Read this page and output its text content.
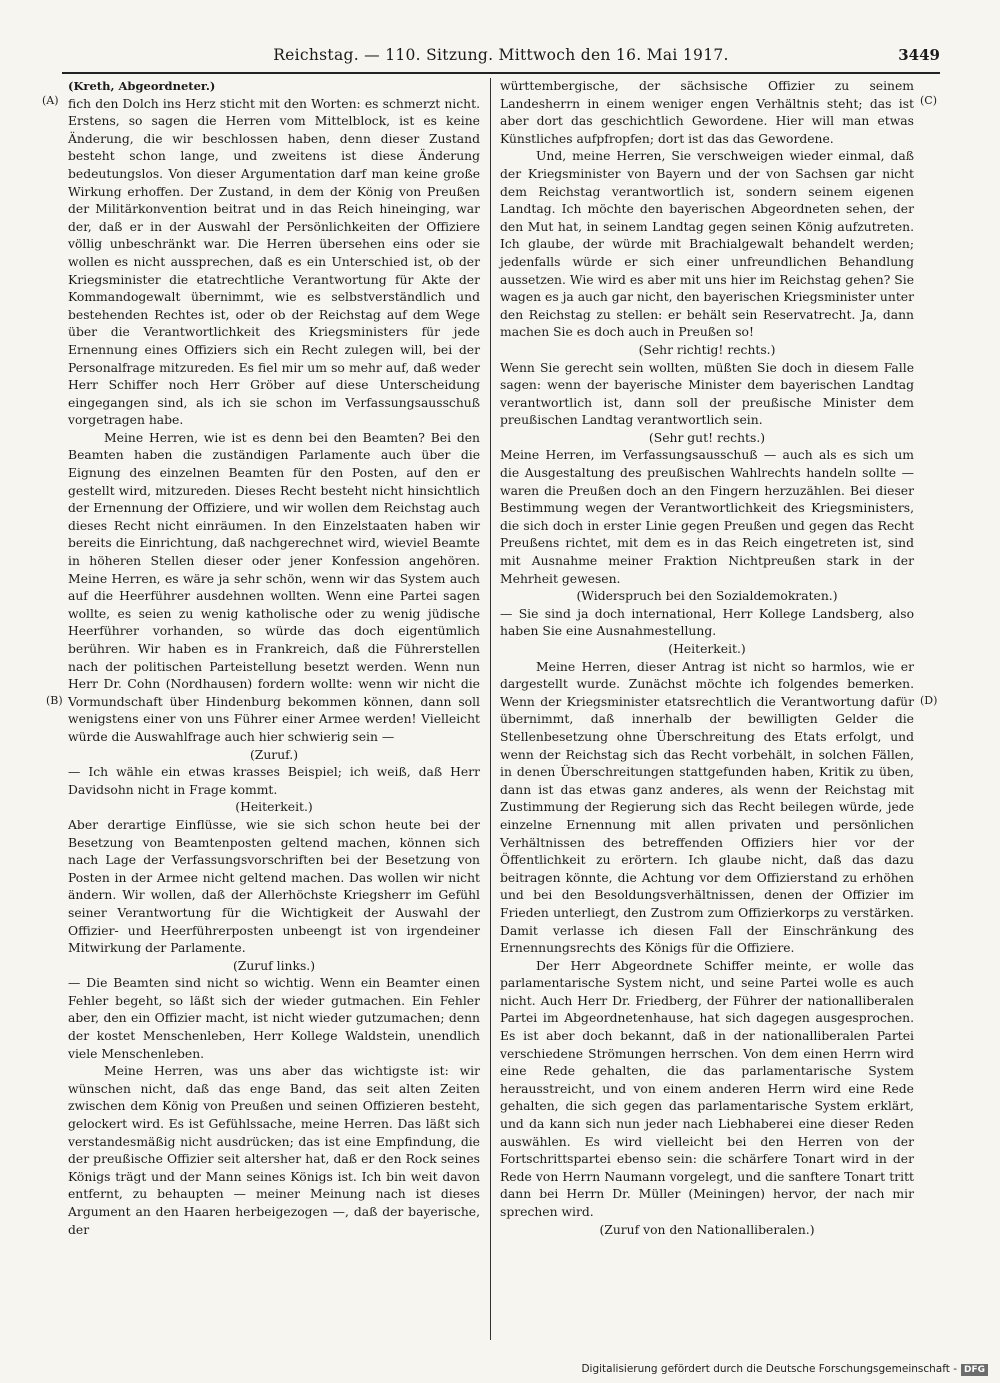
Reichstag. — 110. Sitzung. Mittwoch den 16. Mai 1917.	3449
(A)
(B)
(C)
(D)

(Kreth, Abgeordneter.)

fich den Dolch ins Herz sticht mit den Worten: es schmerzt nicht. Erstens, so sagen die Herren vom Mittelblock, ist es keine Änderung, die wir beschlossen haben, denn dieser Zustand besteht schon lange, und zweitens ist diese Änderung bedeutungslos. Von dieser Argumentation darf man keine große Wirkung erhoffen. Der Zustand, in dem der König von Preußen der Militärkonvention beitrat und in das Reich hineinging, war der, daß er in der Auswahl der Persönlichkeiten der Offiziere völlig unbeschränkt war. Die Herren übersehen eins oder sie wollen es nicht aussprechen, daß es ein Unterschied ist, ob der Kriegsminister die etatrechtliche Verantwortung für Akte der Kommandogewalt übernimmt, wie es selbstverständlich und bestehenden Rechtes ist, oder ob der Reichstag auf dem Wege über die Verantwortlichkeit des Kriegsministers für jede Ernennung eines Offiziers sich ein Recht zulegen will, bei der Personalfrage mitzureden. Es fiel mir um so mehr auf, daß weder Herr Schiffer noch Herr Gröber auf diese Unterscheidung eingegangen sind, als ich sie schon im Verfassungsausschuß vorgetragen habe.

Meine Herren, wie ist es denn bei den Beamten? Bei den Beamten haben die zuständigen Parlamente auch über die Eignung des einzelnen Beamten für den Posten, auf den er gestellt wird, mitzureden. Dieses Recht besteht nicht hinsichtlich der Ernennung der Offiziere, und wir wollen dem Reichstag auch dieses Recht nicht einräumen. In den Einzelstaaten haben wir bereits die Einrichtung, daß nachgerechnet wird, wieviel Beamte in höheren Stellen dieser oder jener Konfession angehören. Meine Herren, es wäre ja sehr schön, wenn wir das System auch auf die Heerführer ausdehnen wollten. Wenn eine Partei sagen wollte, es seien zu wenig katholische oder zu wenig jüdische Heerführer vorhanden, so würde das doch eigentümlich berühren. Wir haben es in Frankreich, daß die Führerstellen nach der politischen Parteistellung besetzt werden. Wenn nun Herr Dr. Cohn (Nordhausen) fordern wollte: wenn wir nicht die Vormundschaft über Hindenburg bekommen können, dann soll wenigstens einer von uns Führer einer Armee werden! Vielleicht würde die Auswahlfrage auch hier schwierig sein —

(Zuruf.)

— Ich wähle ein etwas krasses Beispiel; ich weiß, daß Herr Davidsohn nicht in Frage kommt.

(Heiterkeit.)

Aber derartige Einflüsse, wie sie sich schon heute bei der Besetzung von Beamtenposten geltend machen, können sich nach Lage der Verfassungsvorschriften bei der Besetzung von Posten in der Armee nicht geltend machen. Das wollen wir nicht ändern. Wir wollen, daß der Allerhöchste Kriegsherr im Gefühl seiner Verantwortung für die Wichtigkeit der Auswahl der Offizier- und Heerführerposten unbeengt ist von irgendeiner Mitwirkung der Parlamente.

(Zuruf links.)

— Die Beamten sind nicht so wichtig. Wenn ein Beamter einen Fehler begeht, so läßt sich der wieder gutmachen. Ein Fehler aber, den ein Offizier macht, ist nicht wieder gutzumachen; denn der kostet Menschenleben, Herr Kollege Waldstein, unendlich viele Menschenleben.

Meine Herren, was uns aber das wichtigste ist: wir wünschen nicht, daß das enge Band, das seit alten Zeiten zwischen dem König von Preußen und seinen Offizieren besteht, gelockert wird. Es ist Gefühlssache, meine Herren. Das läßt sich verstandesmäßig nicht ausdrücken; das ist eine Empfindung, die der preußische Offizier seit altersher hat, daß er den Rock seines Königs trägt und der Mann seines Königs ist. Ich bin weit davon entfernt, zu behaupten — meiner Meinung nach ist dieses Argument an den Haaren herbeigezogen —, daß der bayerische, der

württembergische, der sächsische Offizier zu seinem Landesherrn in einem weniger engen Verhältnis steht; das ist aber dort das geschichtlich Gewordene. Hier will man etwas Künstliches aufpfropfen; dort ist das das Gewordene.

Und, meine Herren, Sie verschweigen wieder einmal, daß der Kriegsminister von Bayern und der von Sachsen gar nicht dem Reichstag verantwortlich ist, sondern seinem eigenen Landtag. Ich möchte den bayerischen Abgeordneten sehen, der den Mut hat, in seinem Landtag gegen seinen König aufzutreten. Ich glaube, der würde mit Brachialgewalt behandelt werden; jedenfalls würde er sich einer unfreundlichen Behandlung aussetzen. Wie wird es aber mit uns hier im Reichstag gehen? Sie wagen es ja auch gar nicht, den bayerischen Kriegsminister unter den Reichstag zu stellen: er behält sein Reservatrecht. Ja, dann machen Sie es doch auch in Preußen so!

(Sehr richtig! rechts.)

Wenn Sie gerecht sein wollten, müßten Sie doch in diesem Falle sagen: wenn der bayerische Minister dem bayerischen Landtag verantwortlich ist, dann soll der preußische Minister dem preußischen Landtag verantwortlich sein.

(Sehr gut! rechts.)

Meine Herren, im Verfassungsausschuß — auch als es sich um die Ausgestaltung des preußischen Wahlrechts handeln sollte — waren die Preußen doch an den Fingern herzuzählen. Bei dieser Bestimmung wegen der Verantwortlichkeit des Kriegsministers, die sich doch in erster Linie gegen Preußen und gegen das Recht Preußens richtet, mit dem es in das Reich eingetreten ist, sind mit Ausnahme meiner Fraktion Nichtpreußen stark in der Mehrheit gewesen.

(Widerspruch bei den Sozialdemokraten.)

— Sie sind ja doch international, Herr Kollege Landsberg, also haben Sie eine Ausnahmestellung.

(Heiterkeit.)

Meine Herren, dieser Antrag ist nicht so harmlos, wie er dargestellt wurde. Zunächst möchte ich folgendes bemerken. Wenn der Kriegsminister etatsrechtlich die Verantwortung dafür übernimmt, daß innerhalb der bewilligten Gelder die Stellenbesetzung ohne Überschreitung des Etats erfolgt, und wenn der Reichstag sich das Recht vorbehält, in solchen Fällen, in denen Überschreitungen stattgefunden haben, Kritik zu üben, dann ist das etwas ganz anderes, als wenn der Reichstag mit Zustimmung der Regierung sich das Recht beilegen würde, jede einzelne Ernennung mit allen privaten und persönlichen Verhältnissen des betreffenden Offiziers hier vor der Öffentlichkeit zu erörtern. Ich glaube nicht, daß das dazu beitragen könnte, die Achtung vor dem Offizierstand zu erhöhen und bei den Besoldungsverhältnissen, denen der Offizier im Frieden unterliegt, den Zustrom zum Offizierkorps zu verstärken. Damit verlasse ich diesen Fall der Einschränkung des Ernennungsrechts des Königs für die Offiziere.

Der Herr Abgeordnete Schiffer meinte, er wolle das parlamentarische System nicht, und seine Partei wolle es auch nicht. Auch Herr Dr. Friedberg, der Führer der nationalliberalen Partei im Abgeordnetenhause, hat sich dagegen ausgesprochen. Es ist aber doch bekannt, daß in der nationalliberalen Partei verschiedene Strömungen herrschen. Von dem einen Herrn wird eine Rede gehalten, die das parlamentarische System herausstreicht, und von einem anderen Herrn wird eine Rede gehalten, die sich gegen das parlamentarische System erklärt, und da kann sich nun jeder nach Liebhaberei eine dieser Reden auswählen. Es wird vielleicht bei den Herren von der Fortschrittspartei ebenso sein: die schärfere Tonart wird in der Rede von Herrn Naumann vorgelegt, und die sanftere Tonart tritt dann bei Herrn Dr. Müller (Meiningen) hervor, der nach mir sprechen wird.

(Zuruf von den Nationalliberalen.)

Digitalisierung gefördert durch die Deutsche Forschungsgemeinschaft - DFG
